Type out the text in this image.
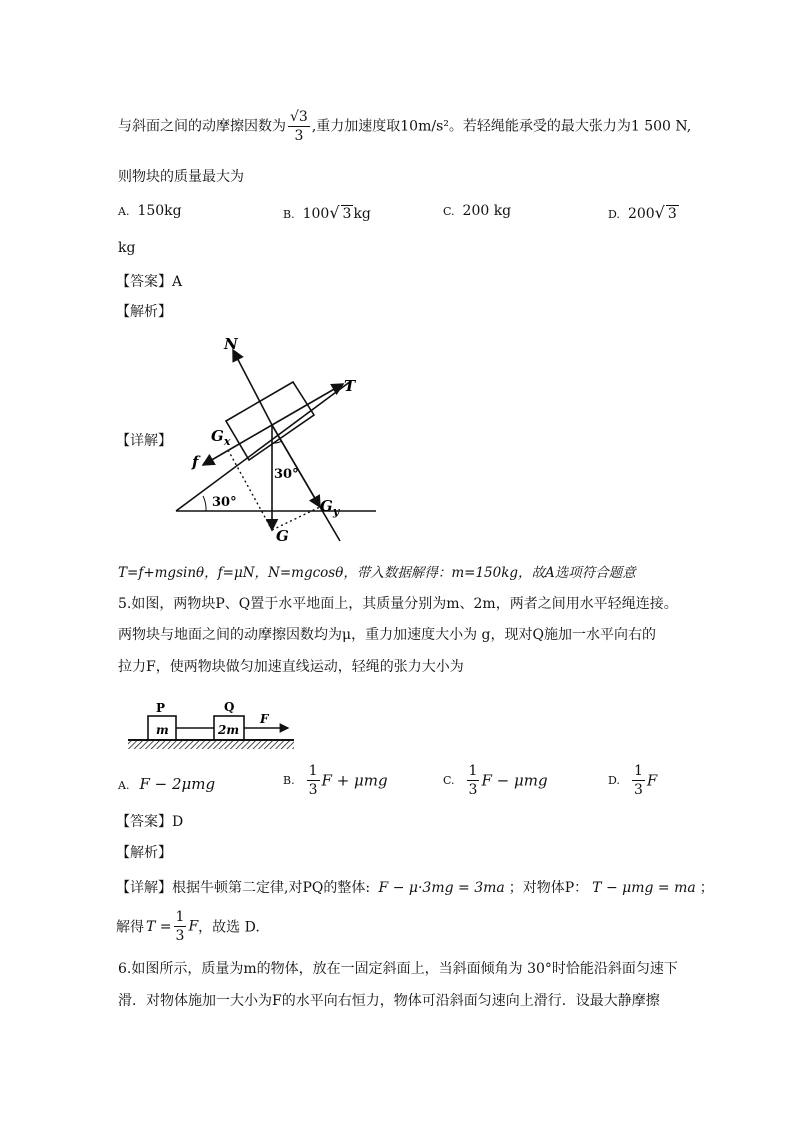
与斜面之间的动摩擦因数为 $\frac{√3}{3}$ ,重力加速度取10m/s²。若轻绳能承受的最大张力为1 500 N,
则物块的质量最大为
A. 150kg	B. 100√ 3 kg	C. 200 kg	D. 200√ 3
kg
【答案】A
【解析】
【详解】
N
T
$G_x$
f
30°
30°	$G_y$
G
T=f+mgsinθ，f=μN，N=mgcosθ，带入数据解得：m=150kg，故A选项符合题意
5.如图，两物块P、Q置于水平地面上，其质量分别为m、2m，两者之间用水平轻绳连接。
两物块与地面之间的动摩擦因数均为μ，重力加速度大小为 g，现对Q施加一水平向右的
拉力F，使两物块做匀加速直线运动，轻绳的张力大小为
P	Q
m	2m
F
A. F − 2μmg	B. $\frac{1}{3}$ F + μmg	C. $\frac{1}{3}$ F − μmg	D. $\frac{1}{3}$ F
【答案】D
【解析】
【详解】根据牛顿第二定律,对PQ的整体: F − μ·3mg = 3ma ；对物体P： T − μmg = ma ；
解得 $T = \frac{1}{3}$ F，故选 D.
6.如图所示，质量为m的物体，放在一固定斜面上，当斜面倾角为 30°时恰能沿斜面匀速下
滑．对物体施加一大小为F的水平向右恒力，物体可沿斜面匀速向上滑行．设最大静摩擦
